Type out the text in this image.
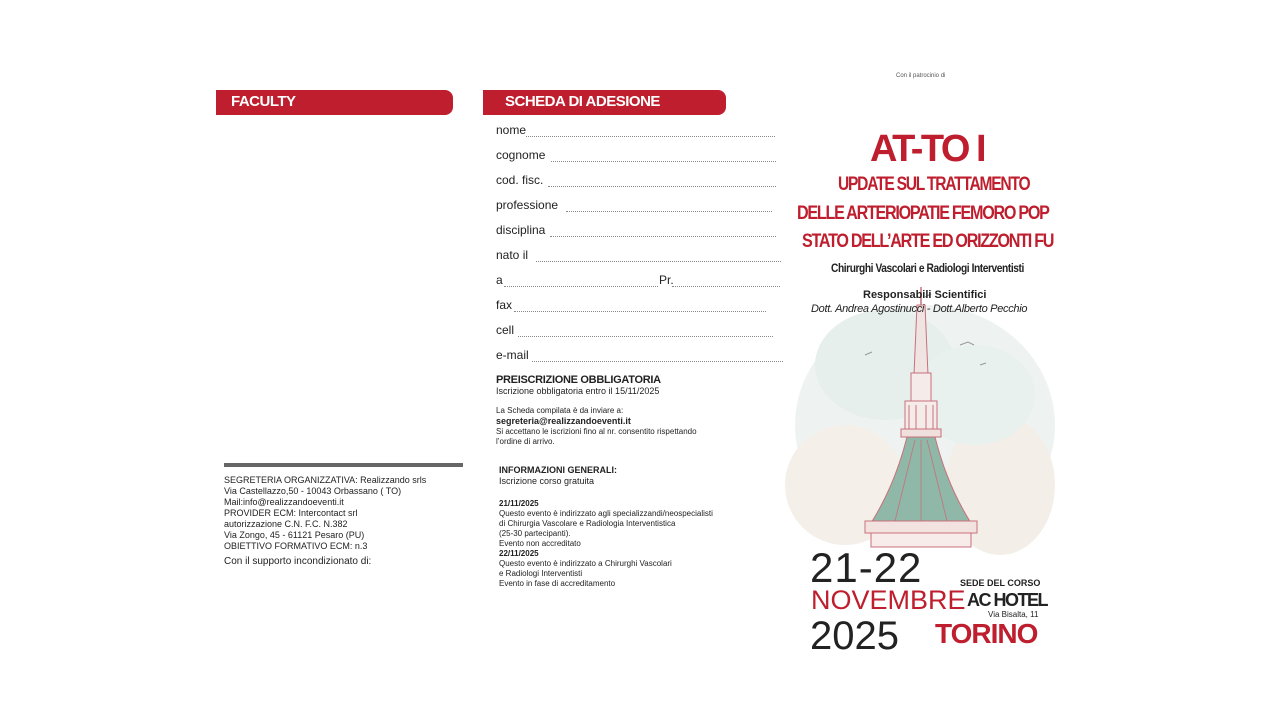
Con il patrocinio di
FACULTY
SEGRETERIA ORGANIZZATIVA: Realizzando srls
Via Castellazzo,50 - 10043 Orbassano ( TO)
Mail:info@realizzandoeventi.it
PROVIDER ECM: Intercontact srl
autorizzazione C.N. F.C. N.382
Via Zongo, 45 - 61121 Pesaro (PU)
OBIETTIVO FORMATIVO ECM: n.3
Con il supporto incondizionato di:
SCHEDA DI ADESIONE
nome
cognome
cod. fisc.
professione
disciplina
nato il
a	Pr.
fax
cell
e-mail
PREISCRIZIONE OBBLIGATORIA
Iscrizione obbligatoria entro il 15/11/2025
La Scheda compilata è da inviare a:
segreteria@realizzandoeventi.it
Si accettano le iscrizioni fino al nr. consentito rispettando
l’ordine di arrivo.
INFORMAZIONI GENERALI:
Iscrizione corso gratuita
21/11/2025
Questo evento è indirizzato agli specializzandi/neospecialisti
di Chirurgia Vascolare e Radiologia Interventistica
(25-30 partecipanti).
Evento non accreditato
22/11/2025
Questo evento è indirizzato a Chirurghi Vascolari
e Radiologi Interventisti
Evento in fase di accreditamento
AT-TO I
UPDATE SUL TRATTAMENTO
DELLE ARTERIOPATIE FEMORO POP
STATO DELL’ARTE ED ORIZZONTI FU
Chirurghi Vascolari e Radiologi Interventisti
Responsabili Scientifici
Dott. Andrea Agostinucci - Dott.Alberto Pecchio
21-22
NOVEMBRE
2025
SEDE DEL CORSO
AC HOTEL
Via Bisalta, 11
TORINO
